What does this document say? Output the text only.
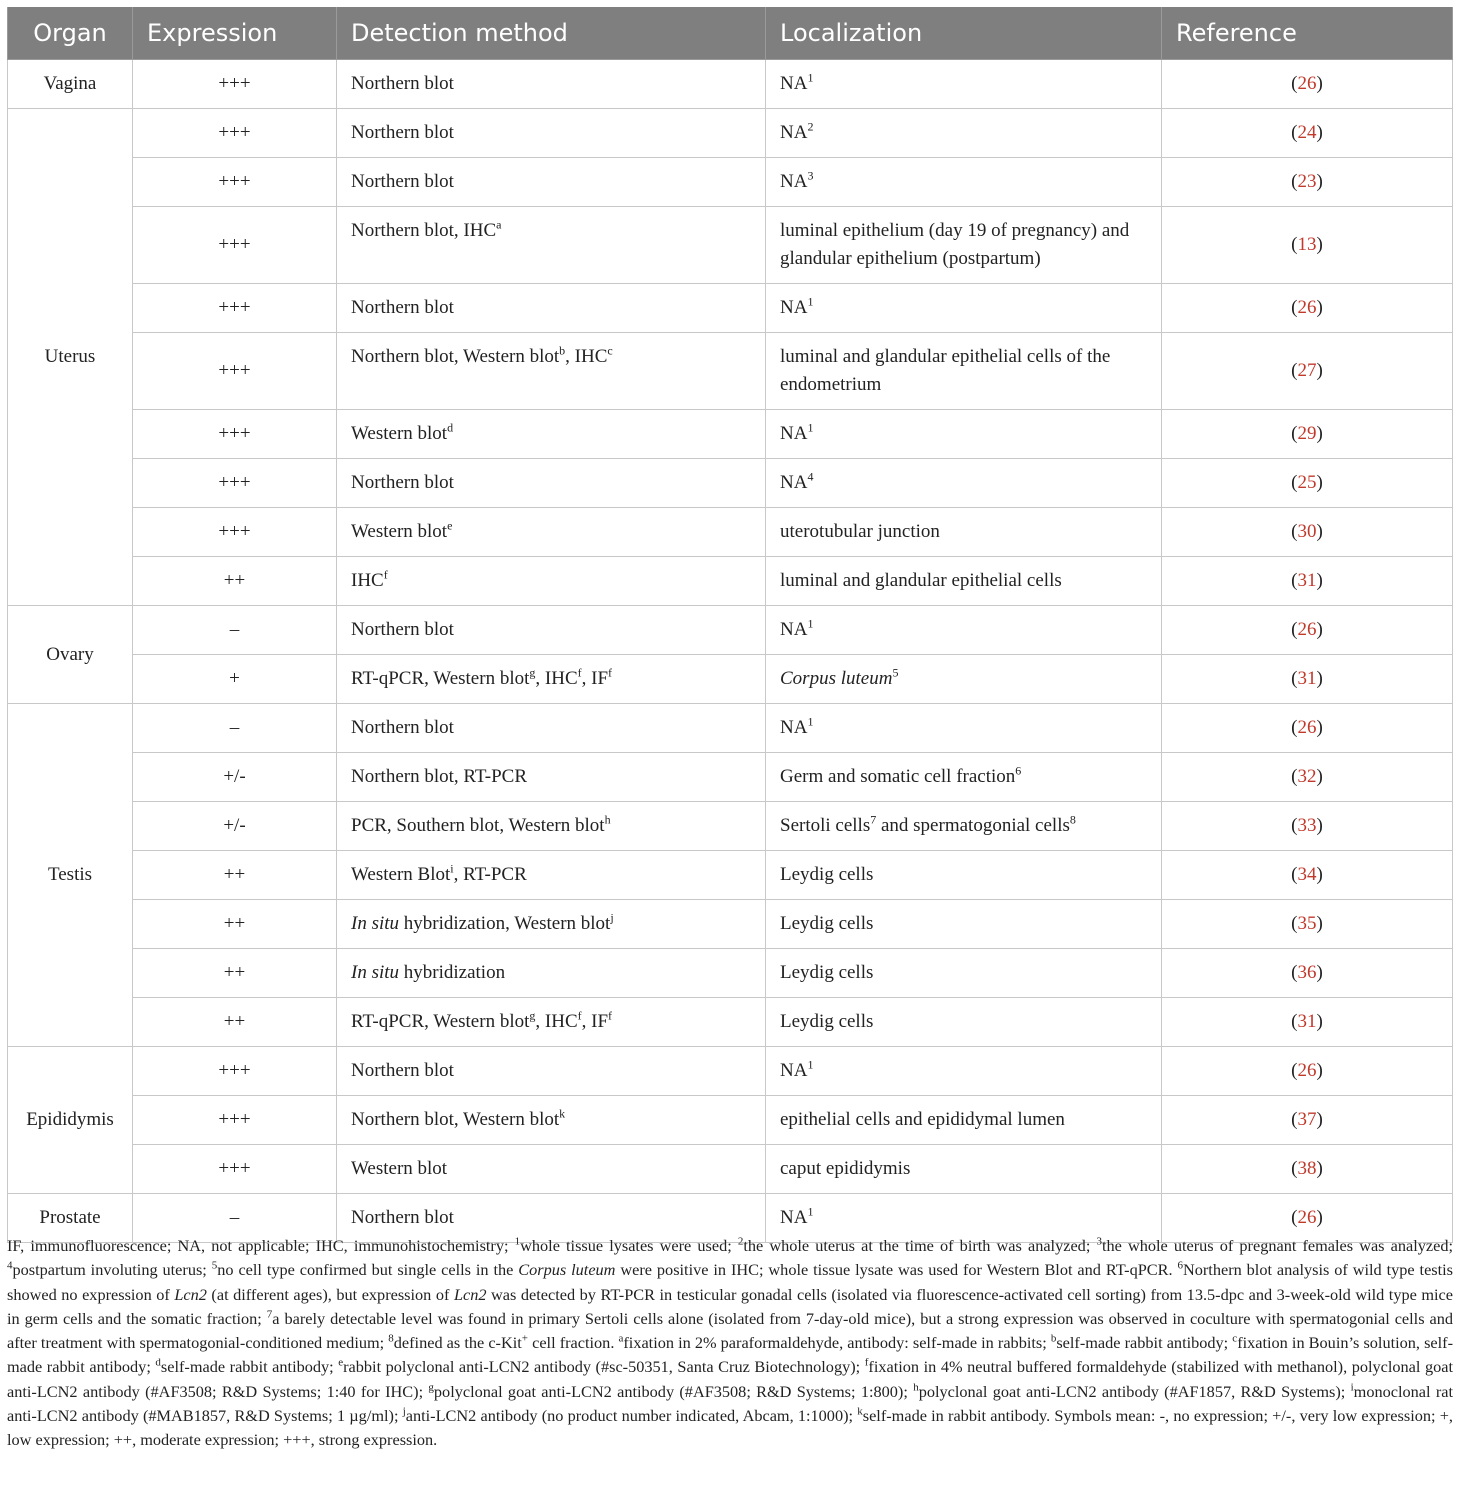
Organ	Expression	Detection method	Localization	Reference
Vagina	+++	Northern blot	$NA^1$	(26)
Uterus	+++	Northern blot	$NA^2$	(24)
	+++	Northern blot	$NA^3$	(23)
	+++	Northern blot, IHC$^a$	luminal epithelium (day 19 of pregnancy) and glandular epithelium (postpartum)	(13)
	+++	Northern blot	$NA^1$	(26)
	+++	Northern blot, Western blot$^b$, IHC$^c$	luminal and glandular epithelial cells of the endometrium	(27)
	+++	Western blot$^d$	$NA^1$	(29)
	+++	Northern blot	$NA^4$	(25)
	+++	Western blot$^e$	uterotubular junction	(30)
	++	$IHC^f$	luminal and glandular epithelial cells	(31)
Ovary	–	Northern blot	$NA^1$	(26)
	+	RT-qPCR, Western blot$^g$, IHC$^f$, $IF^f$	Corpus luteum$^5$	(31)
Testis	–	Northern blot	$NA^1$	(26)
	+/-	Northern blot, RT-PCR	Germ and somatic cell fraction$^6$	(32)
	+/-	PCR, Southern blot, Western blot$^h$	Sertoli cells$^7$ and spermatogonial cells$^8$	(33)
	++	Western Blot$^i$, RT-PCR	Leydig cells	(34)
	++	In situ hybridization, Western blot$^j$	Leydig cells	(35)
	++	In situ hybridization	Leydig cells	(36)
	++	RT-qPCR, Western blot$^g$, IHC$^f$, $IF^f$	Leydig cells	(31)
Epididymis	+++	Northern blot	$NA^1$	(26)
	+++	Northern blot, Western blot$^k$	epithelial cells and epididymal lumen	(37)
	+++	Western blot	caput epididymis	(38)
Prostate	–	Northern blot	$NA^1$	(26)
IF, immunofluorescence; NA, not applicable; IHC, immunohistochemistry; $^1$whole tissue lysates were used; $^2$the whole uterus at the time of birth was analyzed; $^3$the whole uterus of pregnant females was analyzed; $^4$postpartum involuting uterus; $^5$no cell type confirmed but single cells in the Corpus luteum were positive in IHC; whole tissue lysate was used for Western Blot and RT-qPCR. $^6$Northern blot analysis of wild type testis showed no expression of Lcn2 (at different ages), but expression of Lcn2 was detected by RT-PCR in testicular gonadal cells (isolated via fluorescence-activated cell sorting) from 13.5-dpc and 3-week-old wild type mice in germ cells and the somatic fraction; $^7$a barely detectable level was found in primary Sertoli cells alone (isolated from 7-day-old mice), but a strong expression was observed in coculture with spermatogonial cells and after treatment with spermatogonial-conditioned medium; $^8$defined as the c-Kit+ cell fraction. $^a$fixation in 2% paraformaldehyde, antibody: self-made in rabbits; $^b$self-made rabbit antibody; $^c$fixation in Bouin’s solution, self-made rabbit antibody; $^d$self-made rabbit antibody; $^e$rabbit polyclonal anti-LCN2 antibody (#sc-50351, Santa Cruz Biotechnology); $^f$fixation in 4% neutral buffered formaldehyde (stabilized with methanol), polyclonal goat anti-LCN2 antibody (#AF3508; R&D Systems; 1:40 for IHC); $^g$polyclonal goat anti-LCN2 antibody (#AF3508; R&D Systems; 1:800); $^h$polyclonal goat anti-LCN2 antibody (#AF1857, R&D Systems); $^i$monoclonal rat anti-LCN2 antibody (#MAB1857, R&D Systems; 1 µg/ml); $^j$anti-LCN2 antibody (no product number indicated, Abcam, 1:1000); $^k$self-made in rabbit antibody. Symbols mean: -, no expression; +/-, very low expression; +, low expression; ++, moderate expression; +++, strong expression.
